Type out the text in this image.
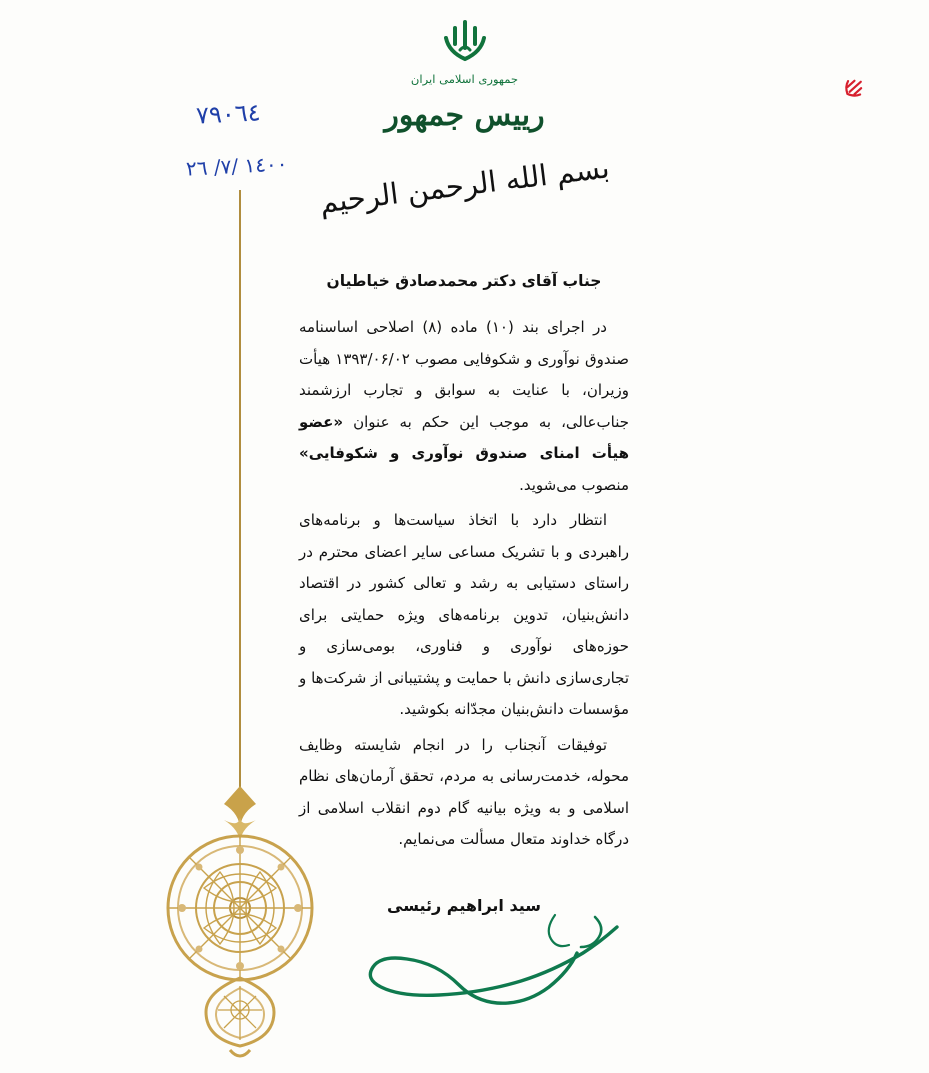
جمهوری اسلامی ایران
رییس جمهور
٧٩٠٦٤
١٤٠٠ /٧/ ٢٦	بسم الله الرحمن الرحیم
جناب آقای دکتر محمدصادق خیاطیان

در اجرای بند (۱۰) ماده (۸) اصلاحی اساسنامه صندوق نوآوری و شکوفایی مصوب ۱۳۹۳/۰۶/۰۲ هیأت وزیران، با عنایت به سوابق و تجارب ارزشمند جناب‌عالی، به موجب این حکم به عنوان «عضو هیأت امنای صندوق نوآوری و شکوفایی» منصوب می‌شوید.

انتظار دارد با اتخاذ سیاست‌ها و برنامه‌های راهبردی و با تشریک مساعی سایر اعضای محترم در راستای دستیابی به رشد و تعالی کشور در اقتصاد دانش‌بنیان، تدوین برنامه‌های ویژه حمایتی برای حوزه‌های نوآوری و فناوری، بومی‌سازی و تجاری‌سازی دانش با حمایت و پشتیبانی از شرکت‌ها و مؤسسات دانش‌بنیان مجدّانه بکوشید.

توفیقات آنجناب را در انجام شایسته وظایف محوله، خدمت‌رسانی به مردم، تحقق آرمان‌های نظام اسلامی و به ویژه بیانیه گام دوم انقلاب اسلامی از درگاه خداوند متعال مسألت می‌نمایم.

سید ابراهیم رئیسی
